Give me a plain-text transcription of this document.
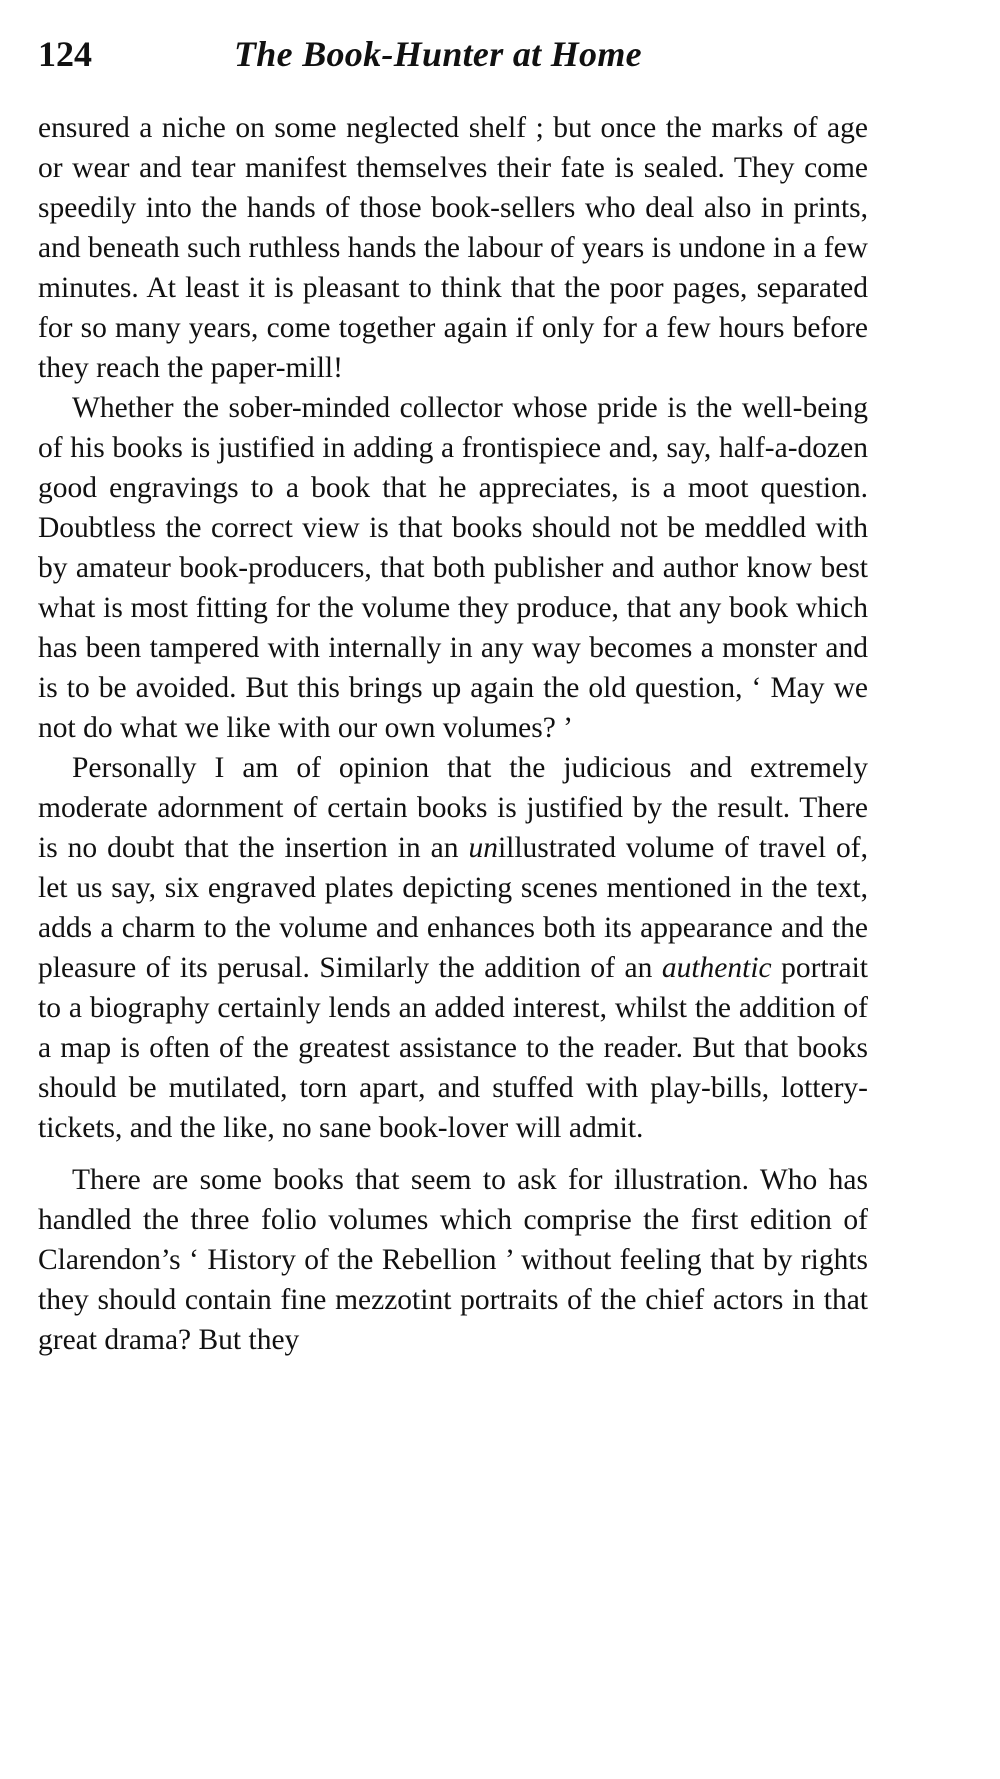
124	The Book-Hunter at Home

ensured a niche on some neglected shelf ; but once the marks of age or wear and tear manifest themselves their fate is sealed. They come speedily into the hands of those book-sellers who deal also in prints, and beneath such ruthless hands the labour of years is undone in a few minutes. At least it is pleasant to think that the poor pages, separated for so many years, come together again if only for a few hours before they reach the paper-mill!

Whether the sober-minded collector whose pride is the well-being of his books is justified in adding a frontispiece and, say, half-a-dozen good engravings to a book that he appreciates, is a moot question. Doubtless the correct view is that books should not be meddled with by amateur book-producers, that both publisher and author know best what is most fitting for the volume they produce, that any book which has been tampered with internally in any way becomes a monster and is to be avoided. But this brings up again the old question, ‘ May we not do what we like with our own volumes? ’

Personally I am of opinion that the judicious and extremely moderate adornment of certain books is justified by the result. There is no doubt that the insertion in an unillustrated volume of travel of, let us say, six engraved plates depicting scenes mentioned in the text, adds a charm to the volume and enhances both its appearance and the pleasure of its perusal. Similarly the addition of an authentic portrait to a biography certainly lends an added interest, whilst the addition of a map is often of the greatest assistance to the reader. But that books should be mutilated, torn apart, and stuffed with play-bills, lottery-tickets, and the like, no sane book-lover will admit.

There are some books that seem to ask for illustration. Who has handled the three folio volumes which comprise the first edition of Clarendon’s ‘ History of the Rebellion ’ without feeling that by rights they should contain fine mezzotint portraits of the chief actors in that great drama? But they
